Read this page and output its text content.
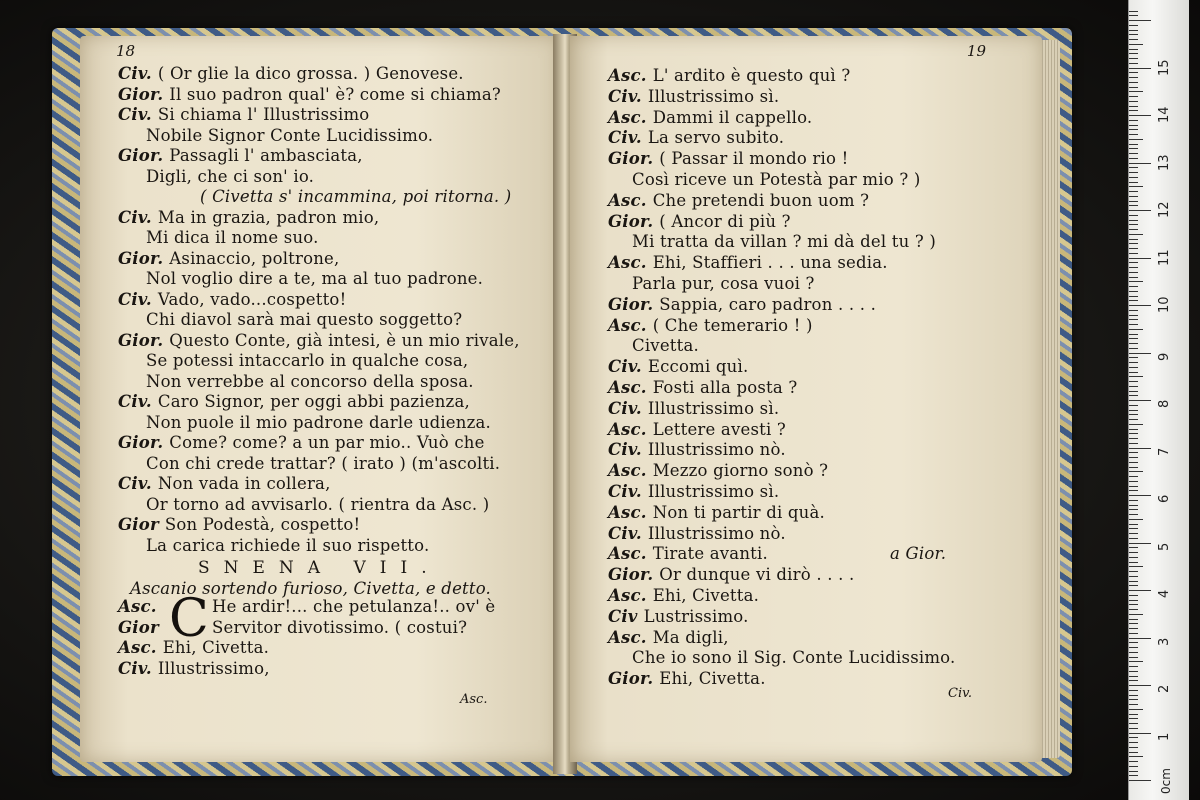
18
Civ. ( Or glie la dico grossa. ) Genovese.
Gior. Il suo padron qual' è? come si chiama?
Civ. Si chiama l' Illustrissimo
Nobile Signor Conte Lucidissimo.
Gior. Passagli l' ambasciata,
Digli, che ci son' io.
( Civetta s' incammina, poi ritorna. )
Civ. Ma in grazia, padron mio,
Mi dica il nome suo.
Gior. Asinaccio, poltrone,
Nol voglio dire a te, ma al tuo padrone.
Civ. Vado, vado...cospetto!
Chi diavol sarà mai questo soggetto?
Gior. Questo Conte, già intesi, è un mio rivale,
Se potessi intaccarlo in qualche cosa,
Non verrebbe al concorso della sposa.
Civ. Caro Signor, per oggi abbi pazienza,
Non puole il mio padrone darle udienza.
Gior. Come? come? a un par mio.. Vuò che
Con chi crede trattar? ( irato ) (m'ascolti.
Civ. Non vada in collera,
Or torno ad avvisarlo. ( rientra da Asc. )
Gior Son Podestà, cospetto!
La carica richiede il suo rispetto.
SNENA VII.
Ascanio sortendo furioso, Civetta, e detto.
C
Asc.	He ardir!... che petulanza!.. ov' è
Gior	Servitor divotissimo. ( costui?
Asc. Ehi, Civetta.
Civ. Illustrissimo,
Asc.
19
Asc. L' ardito è questo quì ?
Civ. Illustrissimo sì.
Asc. Dammi il cappello.
Civ. La servo subito.
Gior. ( Passar il mondo rio !
Così riceve un Potestà par mio ? )
Asc. Che pretendi buon uom ?
Gior. ( Ancor di più ?
Mi tratta da villan ? mi dà del tu ? )
Asc. Ehi, Staffieri . . . una sedia.
Parla pur, cosa vuoi ?
Gior. Sappia, caro padron . . . .
Asc. ( Che temerario ! )
Civetta.
Civ. Eccomi quì.
Asc. Fosti alla posta ?
Civ. Illustrissimo sì.
Asc. Lettere avesti ?
Civ. Illustrissimo nò.
Asc. Mezzo giorno sonò ?
Civ. Illustrissimo sì.
Asc. Non ti partir di quà.
Civ. Illustrissimo nò.
Asc. Tirate avanti.
Gior. Or dunque vi dirò . . . .
Asc. Ehi, Civetta.
Civ Lustrissimo.
Asc. Ma digli,
Che io sono il Sig. Conte Lucidissimo.
Gior. Ehi, Civetta.
a Gior.
Civ.
0cm
1
2
3
4
5
6
7
8
9
10
11
12
13
14
15
